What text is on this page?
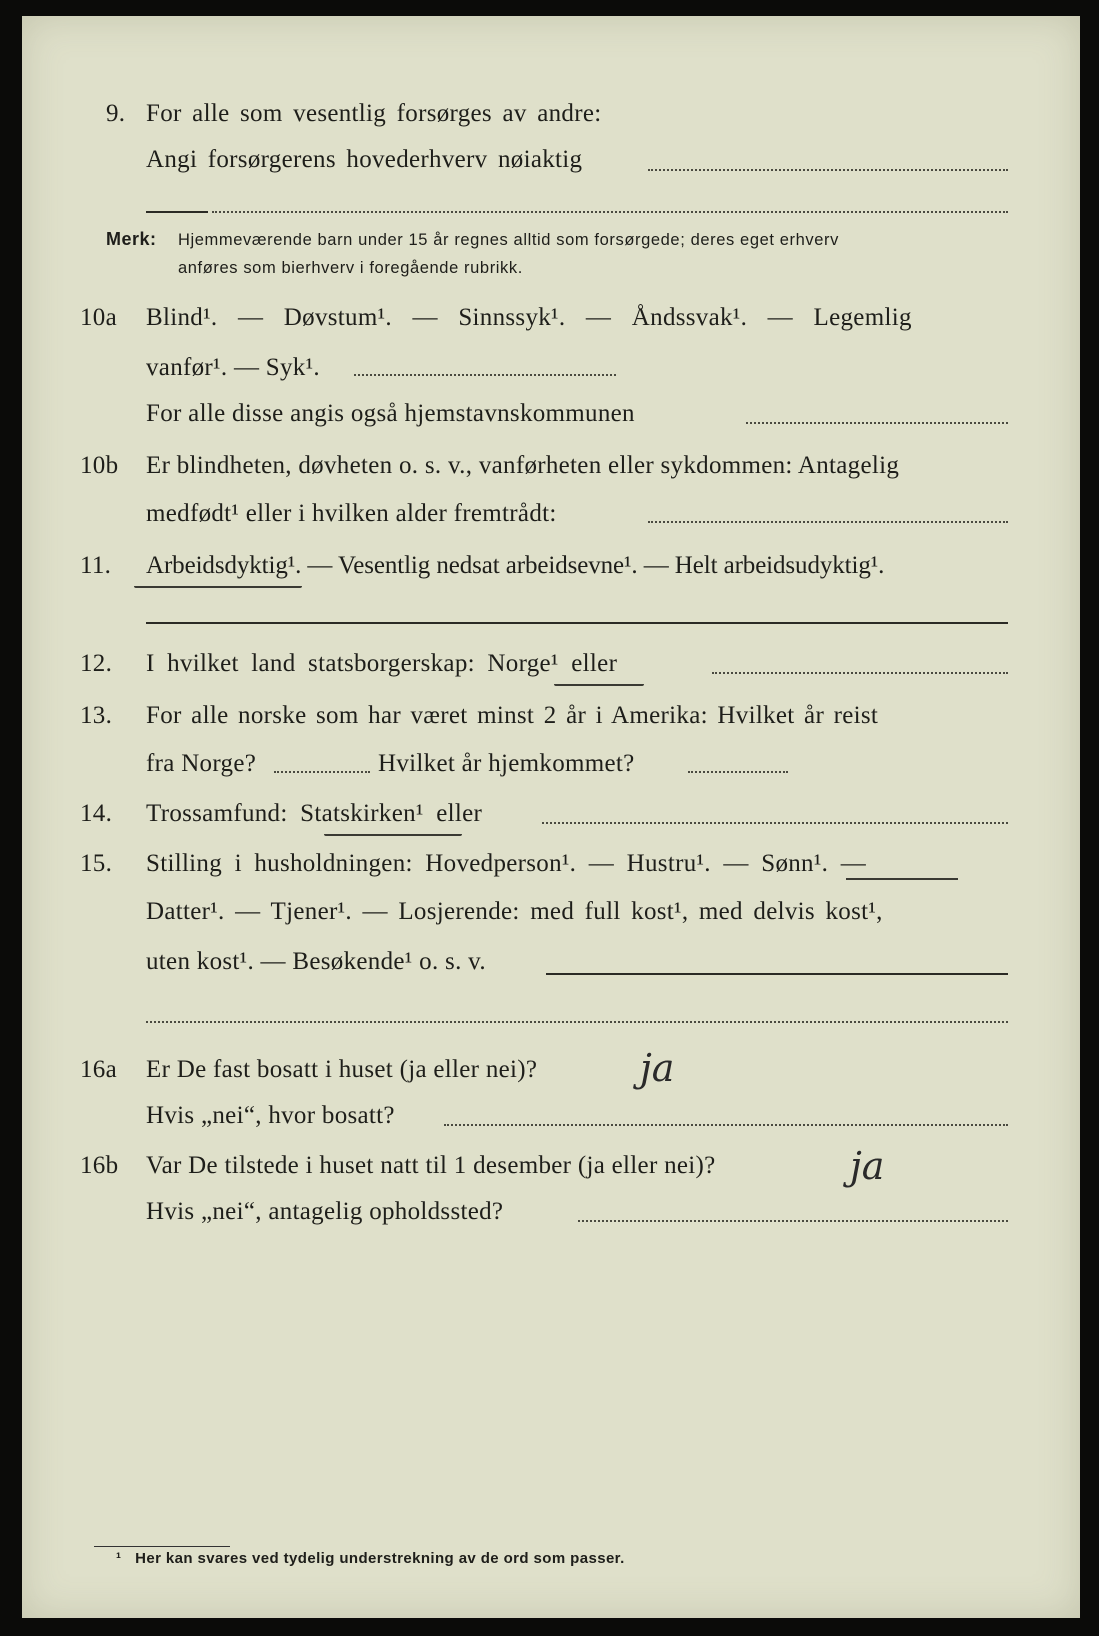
9. For alle som vesentlig forsørges av andre:
Angi forsørgerens hovederhverv nøiaktig
Merk: Hjemmeværende barn under 15 år regnes alltid som forsørgede; deres eget erhverv
anføres som bierhverv i foregående rubrikk.
10a Blind¹. — Døvstum¹. — Sinnssyk¹. — Åndssvak¹. — Legemlig
vanfør¹. — Syk¹.
For alle disse angis også hjemstavnskommunen
10b Er blindheten, døvheten o. s. v., vanførheten eller sykdommen: Antagelig
medfødt¹ eller i hvilken alder fremtrådt:
11. Arbeidsdyktig¹. — Vesentlig nedsat arbeidsevne¹. — Helt arbeidsudyktig¹.
12. I hvilket land statsborgerskap: Norge¹ eller
13. For alle norske som har været minst 2 år i Amerika: Hvilket år reist
fra Norge?	Hvilket år hjemkommet?
14. Trossamfund: Statskirken¹ eller
15. Stilling i husholdningen: Hovedperson¹. — Hustru¹. — Sønn¹. —
Datter¹. — Tjener¹. — Losjerende: med full kost¹, med delvis kost¹,
uten kost¹. — Besøkende¹ o. s. v.
16a Er De fast bosatt i huset (ja eller nei)?	ja
Hvis „nei“, hvor bosatt?
16b Var De tilstede i huset natt til 1 desember (ja eller nei)?	ja
Hvis „nei“, antagelig opholdssted?
¹ Her kan svares ved tydelig understrekning av de ord som passer.
